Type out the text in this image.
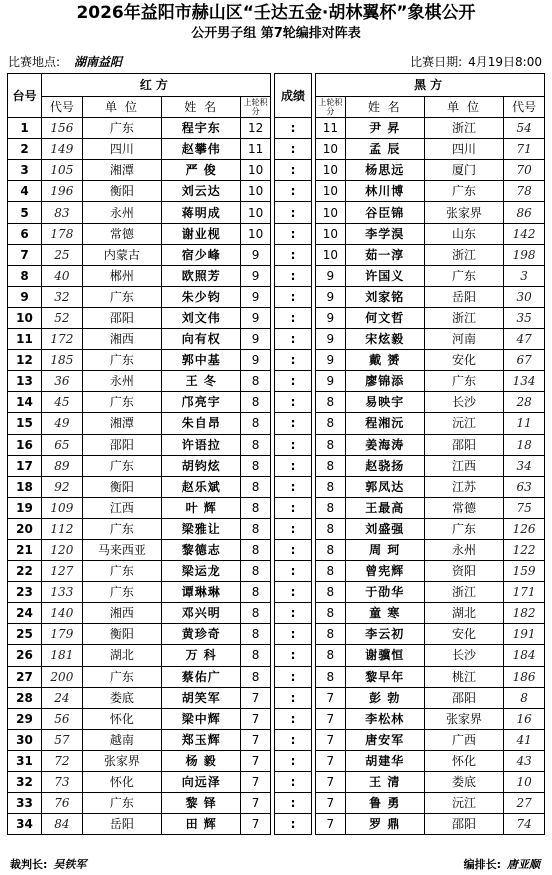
2026年益阳市赫山区“壬达五金·胡林翼杯”象棋公开
公开男子组 第7轮编排对阵表
比赛地点: 湖南益阳	比赛日期: 4月19日8:00
台号	红方					成绩		黑方			
	代号	单 位	姓 名	上轮积分				上轮积分	姓 名	单 位	代号
1	156	广东	程宇东	12		:		11	尹 昇	浙江	54
2	149	四川	赵攀伟	11		:		10	孟 辰	四川	71
3	105	湘潭	严 俊	10		:		10	杨思远	厦门	70
4	196	衡阳	刘云达	10		:		10	林川博	广东	78
5	83	永州	蒋明成	10		:		10	谷臣锦	张家界	86
6	178	常德	谢业枧	10		:		10	李学淏	山东	142
7	25	内蒙古	宿少峰	9		:		10	茹一淳	浙江	198
8	40	郴州	欧照芳	9		:		9	许国义	广东	3
9	32	广东	朱少钧	9		:		9	刘家铭	岳阳	30
10	52	邵阳	刘文伟	9		:		9	何文哲	浙江	35
11	172	湘西	向有权	9		:		9	宋炫毅	河南	47
12	185	广东	郭中基	9		:		9	戴 赟	安化	67
13	36	永州	王 冬	8		:		9	廖锦添	广东	134
14	45	广东	邝亮宇	8		:		8	易映宇	长沙	28
15	49	湘潭	朱自昂	8		:		8	程湘沅	沅江	11
16	65	邵阳	许语拉	8		:		8	姜海涛	邵阳	18
17	89	广东	胡钧炫	8		:		8	赵骁扬	江西	34
18	92	衡阳	赵乐斌	8		:		8	郭凤达	江苏	63
19	109	江西	叶 辉	8		:		8	王最高	常德	75
20	112	广东	梁雅让	8		:		8	刘盛强	广东	126
21	120	马来西亚	黎德志	8		:		8	周 珂	永州	122
22	127	广东	梁运龙	8		:		8	曾宪辉	资阳	159
23	133	广东	谭琳琳	8		:		8	于劭华	浙江	171
24	140	湘西	邓兴明	8		:		8	童 寒	湖北	182
25	179	衡阳	黄珍奇	8		:		8	李云初	安化	191
26	181	湖北	万 科	8		:		8	谢骥恒	长沙	184
27	200	广东	蔡佑广	8		:		8	黎早年	桃江	186
28	24	娄底	胡笑军	7		:		7	彭 勃	邵阳	8
29	56	怀化	梁中辉	7		:		7	李松林	张家界	16
30	57	越南	郑玉辉	7		:		7	唐安军	广西	41
31	72	张家界	杨 毅	7		:		7	胡建华	怀化	43
32	73	怀化	向远泽	7		:		7	王 清	娄底	10
33	76	广东	黎 铎	7		:		7	鲁 勇	沅江	27
34	84	岳阳	田 辉	7		:		7	罗 鼎	邵阳	74
裁判长: 吴铁军	编排长: 唐亚顺
